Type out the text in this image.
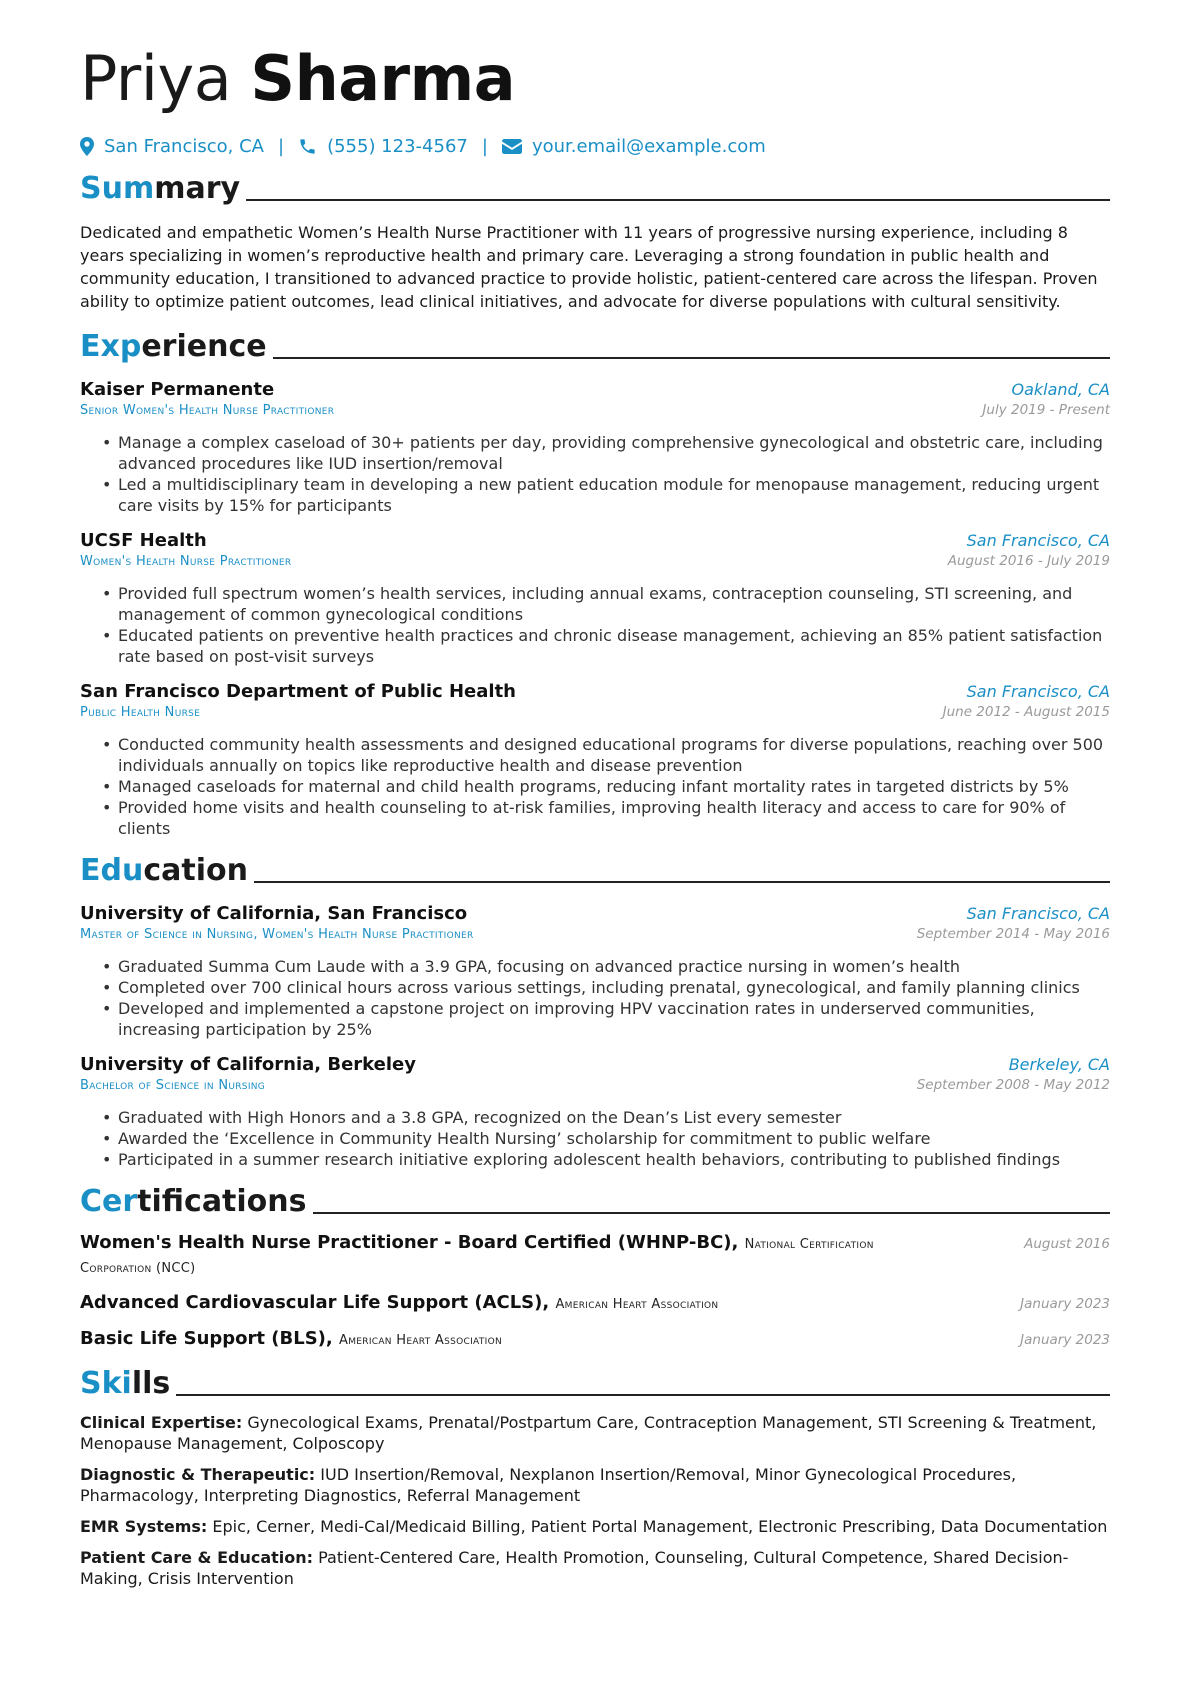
Priya Sharma
San Francisco, CA | (555) 123-4567 | your.email@example.com
Summary
Dedicated and empathetic Women’s Health Nurse Practitioner with 11 years of progressive nursing experience, including 8 years specializing in women’s reproductive health and primary care. Leveraging a strong foundation in public health and community education, I transitioned to advanced practice to provide holistic, patient-centered care across the lifespan. Proven ability to optimize patient outcomes, lead clinical initiatives, and advocate for diverse populations with cultural sensitivity.
Experience
Kaiser Permanente	Oakland, CA
Senior Women's Health Nurse Practitioner	July 2019 - Present
• Manage a complex caseload of 30+ patients per day, providing comprehensive gynecological and obstetric care, including advanced procedures like IUD insertion/removal
• Led a multidisciplinary team in developing a new patient education module for menopause management, reducing urgent care visits by 15% for participants
UCSF Health	San Francisco, CA
Women's Health Nurse Practitioner	August 2016 - July 2019
• Provided full spectrum women’s health services, including annual exams, contraception counseling, STI screening, and management of common gynecological conditions
• Educated patients on preventive health practices and chronic disease management, achieving an 85% patient satisfaction rate based on post-visit surveys
San Francisco Department of Public Health	San Francisco, CA
Public Health Nurse	June 2012 - August 2015
• Conducted community health assessments and designed educational programs for diverse populations, reaching over 500 individuals annually on topics like reproductive health and disease prevention
• Managed caseloads for maternal and child health programs, reducing infant mortality rates in targeted districts by 5%
• Provided home visits and health counseling to at-risk families, improving health literacy and access to care for 90% of clients
Education
University of California, San Francisco	San Francisco, CA
Master of Science in Nursing, Women's Health Nurse Practitioner	September 2014 - May 2016
• Graduated Summa Cum Laude with a 3.9 GPA, focusing on advanced practice nursing in women’s health
• Completed over 700 clinical hours across various settings, including prenatal, gynecological, and family planning clinics
• Developed and implemented a capstone project on improving HPV vaccination rates in underserved communities, increasing participation by 25%
University of California, Berkeley	Berkeley, CA
Bachelor of Science in Nursing	September 2008 - May 2012
• Graduated with High Honors and a 3.8 GPA, recognized on the Dean’s List every semester
• Awarded the ‘Excellence in Community Health Nursing’ scholarship for commitment to public welfare
• Participated in a summer research initiative exploring adolescent health behaviors, contributing to published findings
Certifications
Women's Health Nurse Practitioner - Board Certified (WHNP-BC), National Certification Corporation (NCC)
August 2016
Advanced Cardiovascular Life Support (ACLS), American Heart Association	January 2023
Basic Life Support (BLS), American Heart Association	January 2023
Skills
Clinical Expertise: Gynecological Exams, Prenatal/Postpartum Care, Contraception Management, STI Screening & Treatment, Menopause Management, Colposcopy
Diagnostic & Therapeutic: IUD Insertion/Removal, Nexplanon Insertion/Removal, Minor Gynecological Procedures, Pharmacology, Interpreting Diagnostics, Referral Management
EMR Systems: Epic, Cerner, Medi-Cal/Medicaid Billing, Patient Portal Management, Electronic Prescribing, Data Documentation
Patient Care & Education: Patient-Centered Care, Health Promotion, Counseling, Cultural Competence, Shared Decision-Making, Crisis Intervention
